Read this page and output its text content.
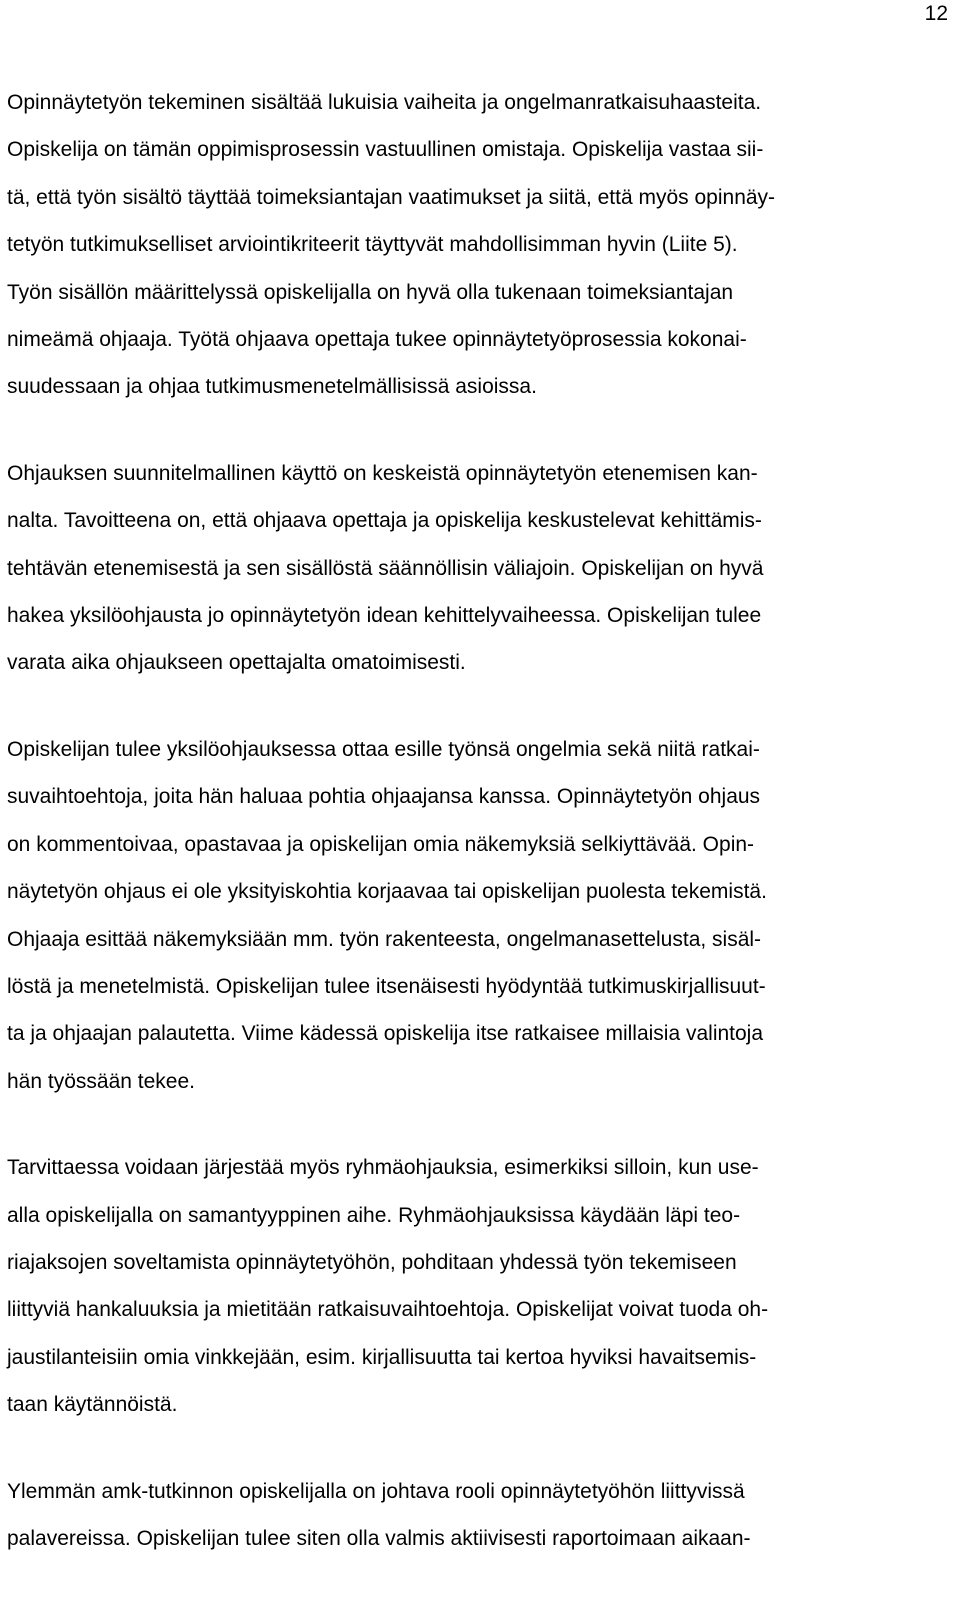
12
Opinnäytetyön tekeminen sisältää lukuisia vaiheita ja ongelmanratkaisuhaasteita.
Opiskelija on tämän oppimisprosessin vastuullinen omistaja. Opiskelija vastaa sii-
tä, että työn sisältö täyttää toimeksiantajan vaatimukset ja siitä, että myös opinnäy-
tetyön tutkimukselliset arviointikriteerit täyttyvät mahdollisimman hyvin (Liite 5).
Työn sisällön määrittelyssä opiskelijalla on hyvä olla tukenaan toimeksiantajan
nimeämä ohjaaja. Työtä ohjaava opettaja tukee opinnäytetyöprosessia kokonai-
suudessaan ja ohjaa tutkimusmenetelmällisissä asioissa.
Ohjauksen suunnitelmallinen käyttö on keskeistä opinnäytetyön etenemisen kan-
nalta. Tavoitteena on, että ohjaava opettaja ja opiskelija keskustelevat kehittämis-
tehtävän etenemisestä ja sen sisällöstä säännöllisin väliajoin. Opiskelijan on hyvä
hakea yksilöohjausta jo opinnäytetyön idean kehittelyvaiheessa. Opiskelijan tulee
varata aika ohjaukseen opettajalta omatoimisesti.
Opiskelijan tulee yksilöohjauksessa ottaa esille työnsä ongelmia sekä niitä ratkai-
suvaihtoehtoja, joita hän haluaa pohtia ohjaajansa kanssa. Opinnäytetyön ohjaus
on kommentoivaa, opastavaa ja opiskelijan omia näkemyksiä selkiyttävää. Opin-
näytetyön ohjaus ei ole yksityiskohtia korjaavaa tai opiskelijan puolesta tekemistä.
Ohjaaja esittää näkemyksiään mm. työn rakenteesta, ongelmanasettelusta, sisäl-
löstä ja menetelmistä. Opiskelijan tulee itsenäisesti hyödyntää tutkimuskirjallisuut-
ta ja ohjaajan palautetta. Viime kädessä opiskelija itse ratkaisee millaisia valintoja
hän työssään tekee.
Tarvittaessa voidaan järjestää myös ryhmäohjauksia, esimerkiksi silloin, kun use-
alla opiskelijalla on samantyyppinen aihe. Ryhmäohjauksissa käydään läpi teo-
riajaksojen soveltamista opinnäytetyöhön, pohditaan yhdessä työn tekemiseen
liittyviä hankaluuksia ja mietitään ratkaisuvaihtoehtoja. Opiskelijat voivat tuoda oh-
jaustilanteisiin omia vinkkejään, esim. kirjallisuutta tai kertoa hyviksi havaitsemis-
taan käytännöistä.
Ylemmän amk-tutkinnon opiskelijalla on johtava rooli opinnäytetyöhön liittyvissä
palavereissa. Opiskelijan tulee siten olla valmis aktiivisesti raportoimaan aikaan-
